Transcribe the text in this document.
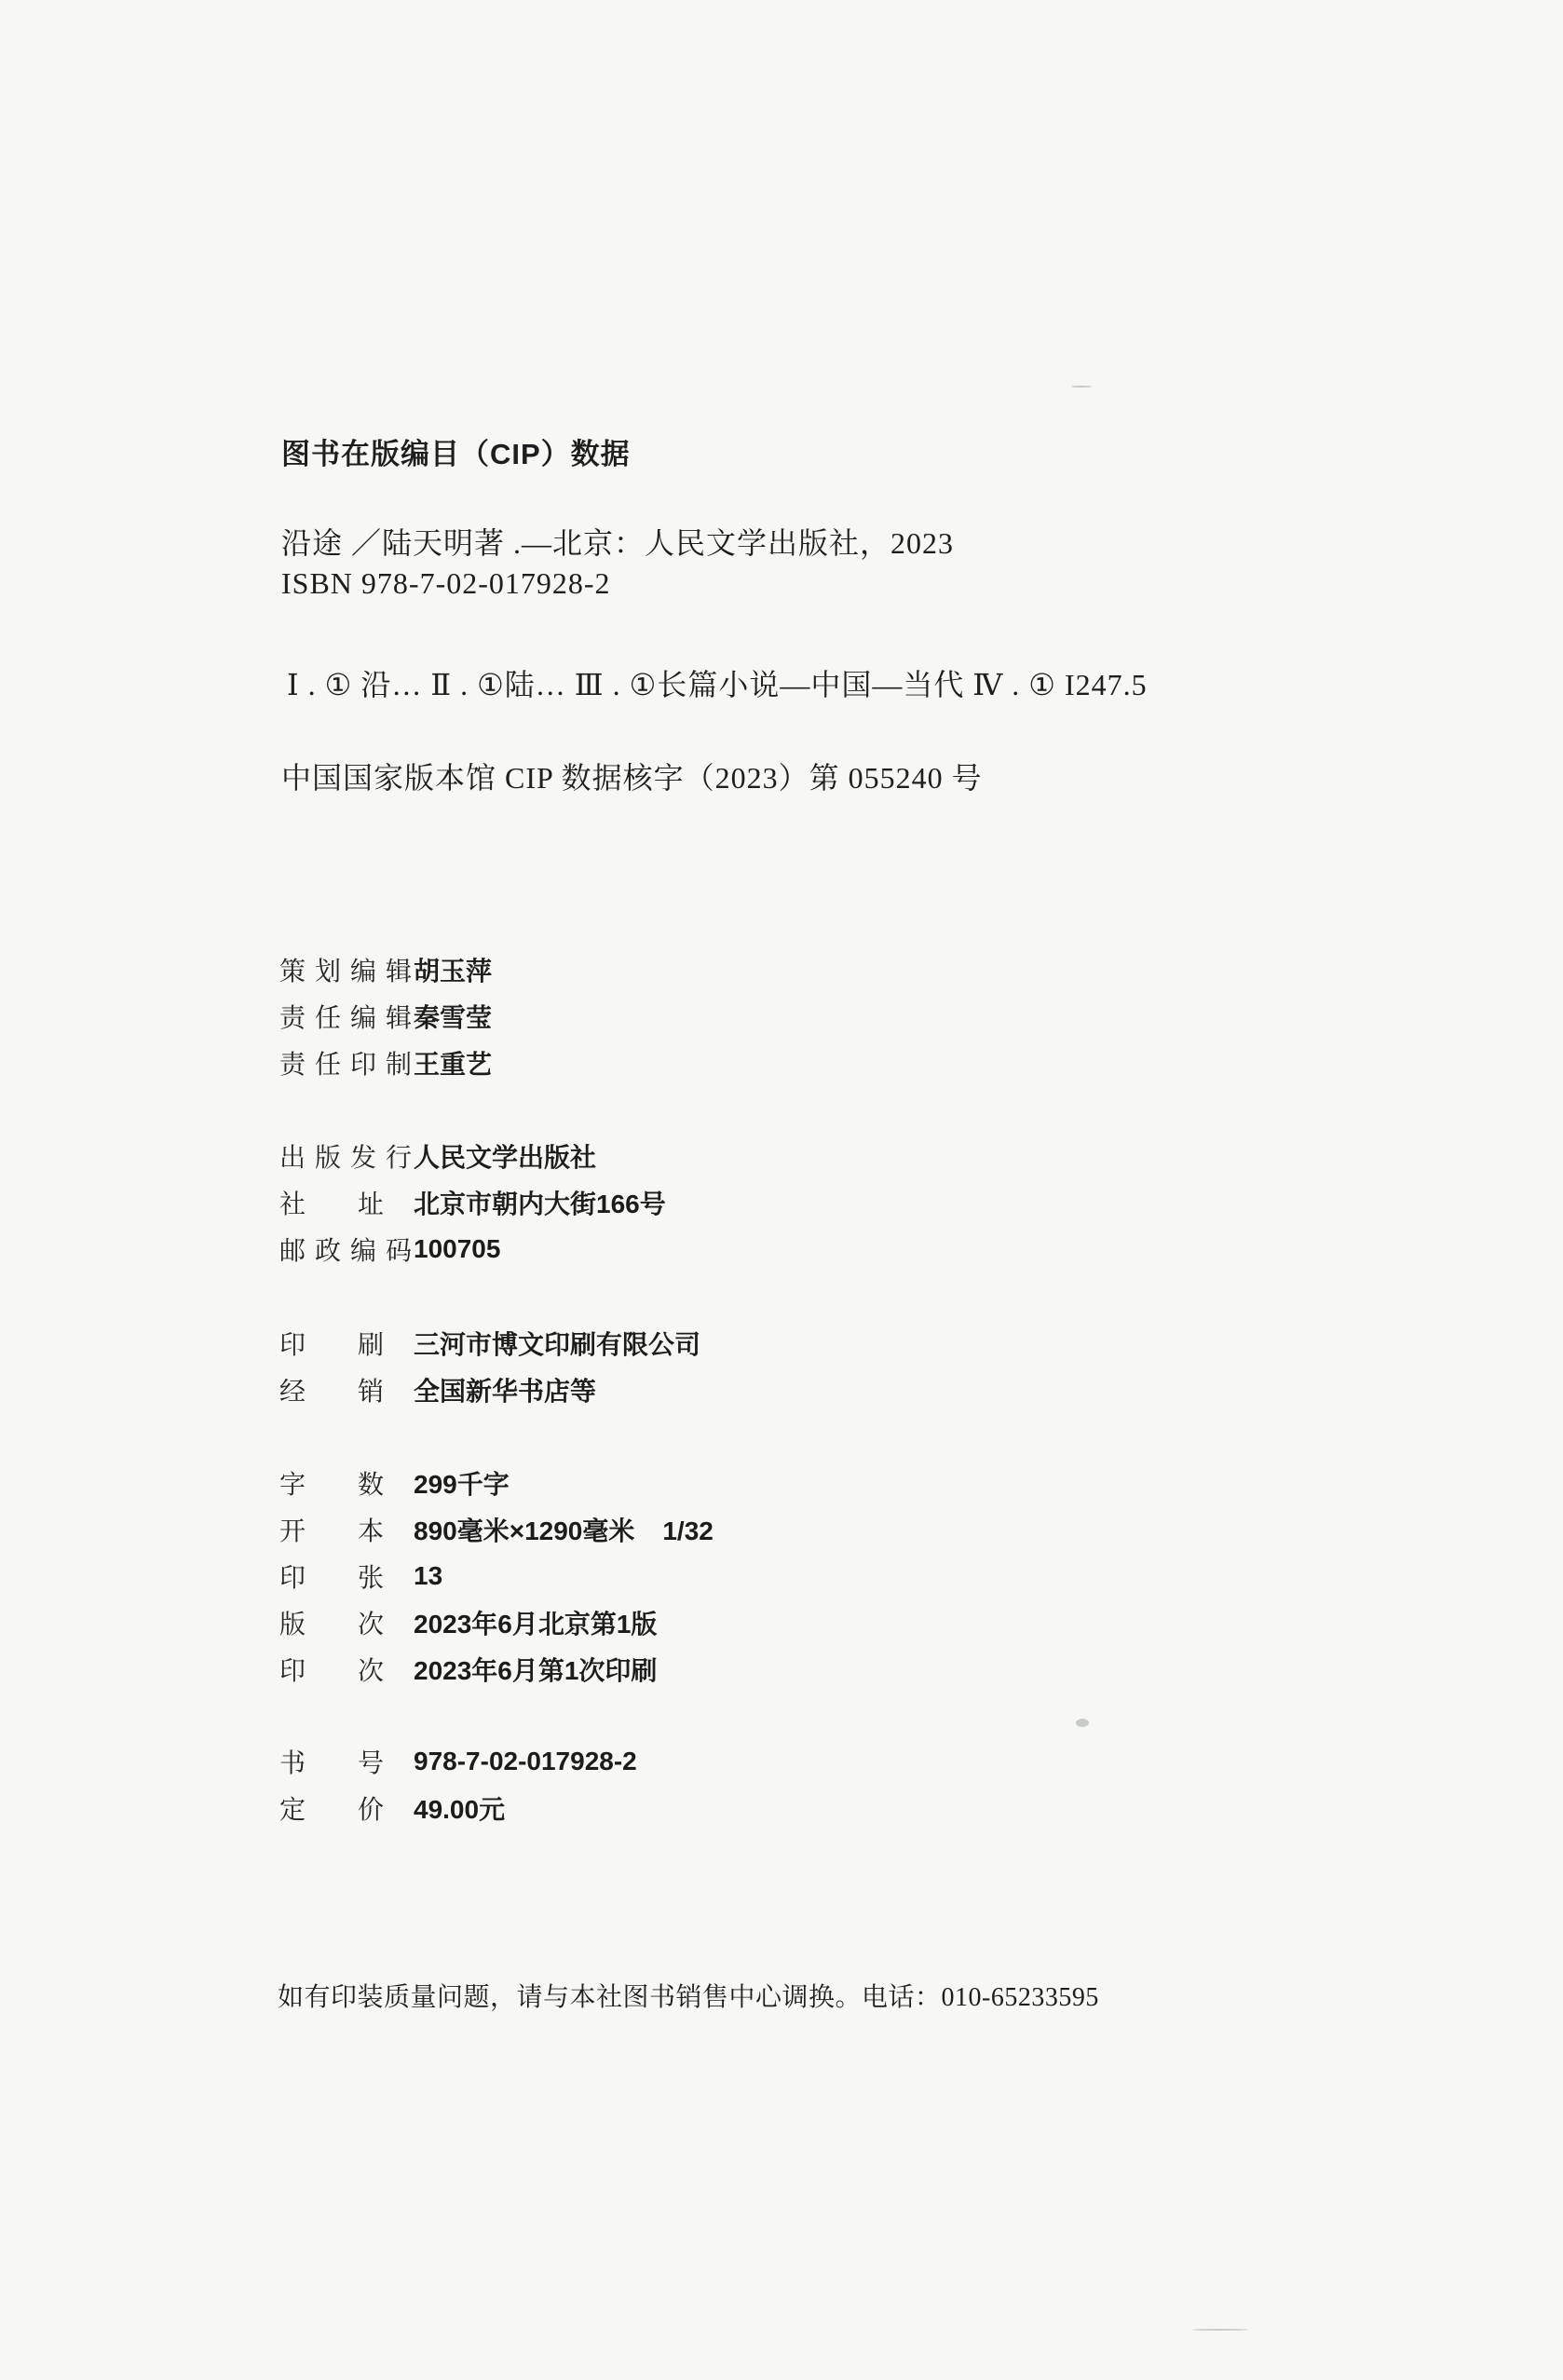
图书在版编目（CIP）数据
沿途 ／陆天明著 .—北京：人民文学出版社，2023
ISBN 978-7-02-017928-2
Ⅰ . ① 沿… Ⅱ . ①陆… Ⅲ . ①长篇小说—中国—当代 Ⅳ . ① I247.5
中国国家版本馆 CIP 数据核字（2023）第 055240 号
策 划 编 辑 胡玉萍
责 任 编 辑 秦雪莹
责 任 印 制 王重艺
出 版 发 行 人民文学出版社
社 址 北京市朝内大街166号
邮 政 编 码 100705
印 刷 三河市博文印刷有限公司
经 销 全国新华书店等
字 数 299千字
开 本 890毫米×1290毫米 1/32
印 张 13
版 次 2023年6月北京第1版
印 次 2023年6月第1次印刷
书 号 978-7-02-017928-2
定 价 49.00元
如有印装质量问题，请与本社图书销售中心调换。电话：010-65233595
